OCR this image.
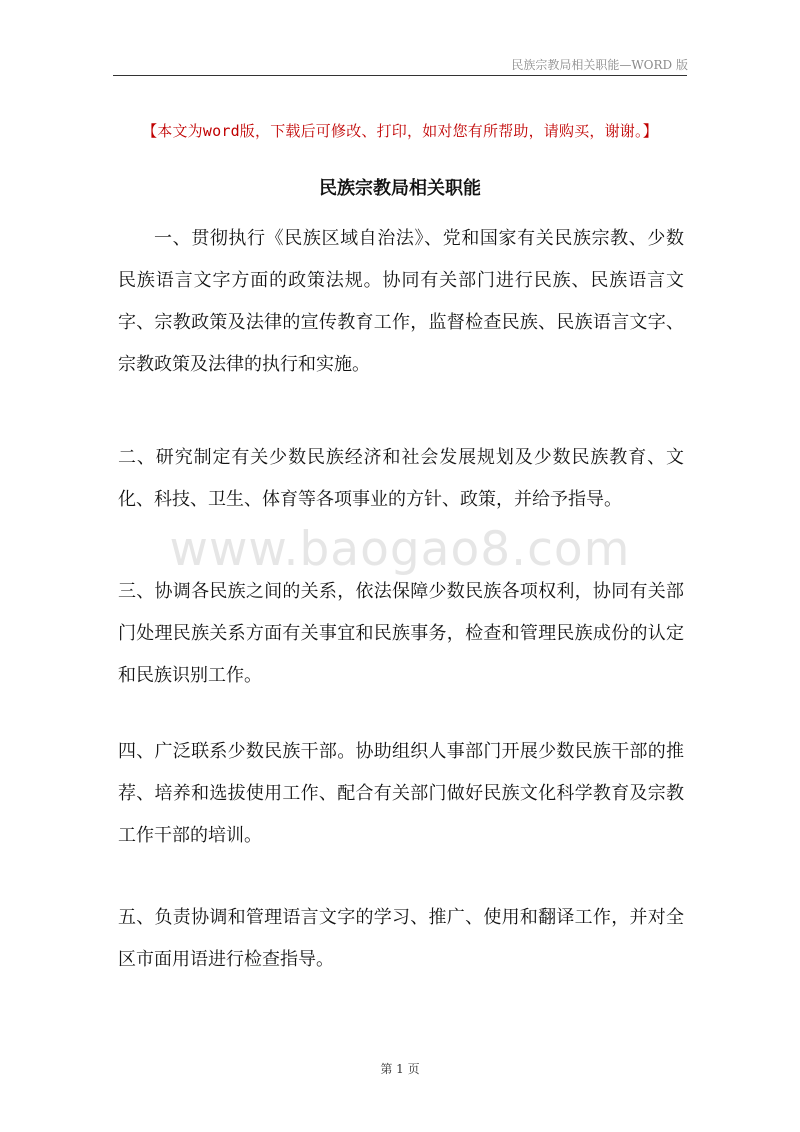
民族宗教局相关职能—WORD 版
【本文为word版，下载后可修改、打印，如对您有所帮助，请购买，谢谢。】
民族宗教局相关职能
www.baogao8.com

一、贯彻执行《民族区域自治法》、党和国家有关民族宗教、少数民族语言文字方面的政策法规。协同有关部门进行民族、民族语言文字、宗教政策及法律的宣传教育工作，监督检查民族、民族语言文字、宗教政策及法律的执行和实施。

二、研究制定有关少数民族经济和社会发展规划及少数民族教育、文化、科技、卫生、体育等各项事业的方针、政策，并给予指导。

三、协调各民族之间的关系，依法保障少数民族各项权利，协同有关部门处理民族关系方面有关事宜和民族事务，检查和管理民族成份的认定和民族识别工作。

四、广泛联系少数民族干部。协助组织人事部门开展少数民族干部的推荐、培养和选拔使用工作、配合有关部门做好民族文化科学教育及宗教工作干部的培训。

五、负责协调和管理语言文字的学习、推广、使用和翻译工作，并对全区市面用语进行检查指导。

第 1 页
